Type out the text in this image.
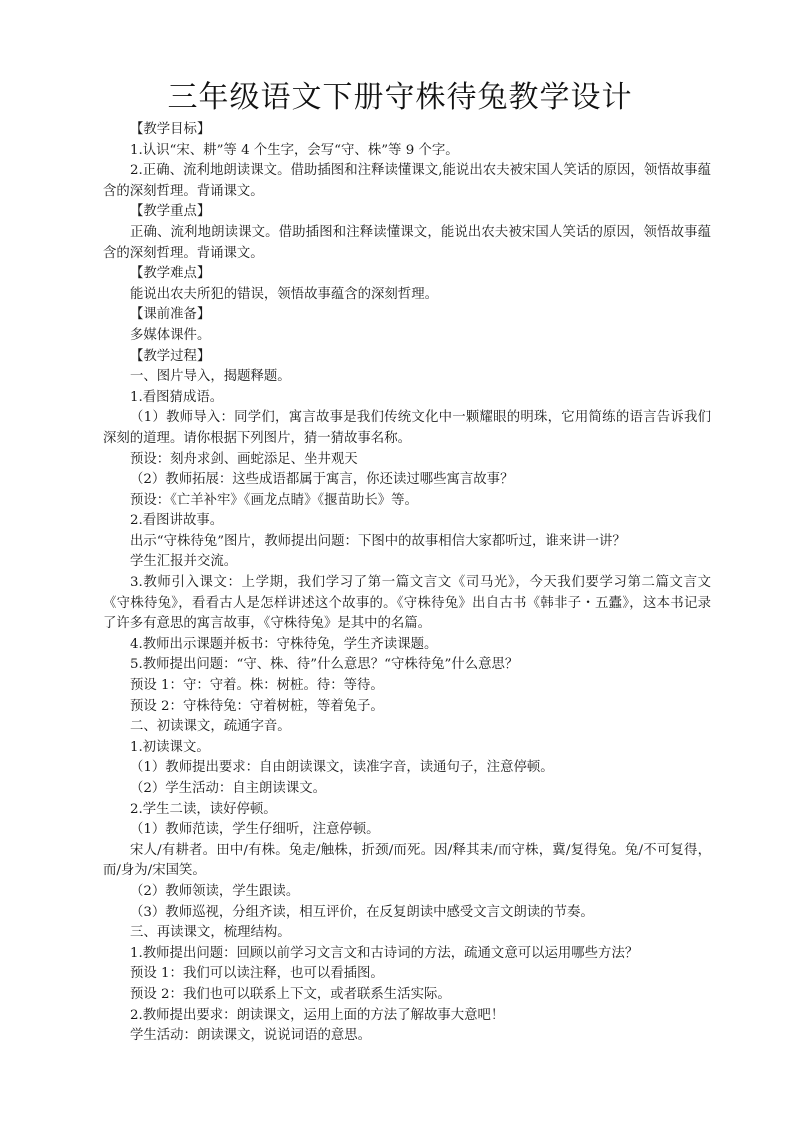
三年级语文下册守株待兔教学设计

【教学目标】

1.认识“宋、耕”等 4 个生字，会写“守、株”等 9 个字。

2.正确、流利地朗读课文。借助插图和注释读懂课文,能说出农夫被宋国人笑话的原因，领悟故事蕴含的深刻哲理。背诵课文。

【教学重点】

正确、流利地朗读课文。借助插图和注释读懂课文，能说出农夫被宋国人笑话的原因，领悟故事蕴含的深刻哲理。背诵课文。

【教学难点】

能说出农夫所犯的错误，领悟故事蕴含的深刻哲理。

【课前准备】

多媒体课件。

【教学过程】

一、图片导入，揭题释题。

1.看图猜成语。

（1）教师导入：同学们，寓言故事是我们传统文化中一颗耀眼的明珠，它用简练的语言告诉我们深刻的道理。请你根据下列图片，猜一猜故事名称。

预设：刻舟求剑、画蛇添足、坐井观天

（2）教师拓展：这些成语都属于寓言，你还读过哪些寓言故事？

预设：《亡羊补牢》《画龙点睛》《揠苗助长》等。

2.看图讲故事。

出示“守株待兔”图片，教师提出问题：下图中的故事相信大家都听过，谁来讲一讲？

学生汇报并交流。

3.教师引入课文：上学期，我们学习了第一篇文言文《司马光》，今天我们要学习第二篇文言文《守株待兔》，看看古人是怎样讲述这个故事的。《守株待兔》出自古书《韩非子・五蠹》，这本书记录了许多有意思的寓言故事，《守株待兔》是其中的名篇。

4.教师出示课题并板书：守株待兔，学生齐读课题。

5.教师提出问题：“守、株、待”什么意思？“守株待兔”什么意思？

预设 1：守：守着。株：树桩。待：等待。

预设 2：守株待兔：守着树桩，等着兔子。

二、初读课文，疏通字音。

1.初读课文。

（1）教师提出要求：自由朗读课文，读准字音，读通句子，注意停顿。

（2）学生活动：自主朗读课文。

2.学生二读，读好停顿。

（1）教师范读，学生仔细听，注意停顿。

宋人/有耕者。田中/有株。兔走/触株，折颈/而死。因/释其耒/而守株，冀/复得兔。兔/不可复得，而/身为/宋国笑。

（2）教师领读，学生跟读。

（3）教师巡视，分组齐读，相互评价，在反复朗读中感受文言文朗读的节奏。

三、再读课文，梳理结构。

1.教师提出问题：回顾以前学习文言文和古诗词的方法，疏通文意可以运用哪些方法？

预设 1：我们可以读注释，也可以看插图。

预设 2：我们也可以联系上下文，或者联系生活实际。

2.教师提出要求：朗读课文，运用上面的方法了解故事大意吧！

学生活动：朗读课文，说说词语的意思。
